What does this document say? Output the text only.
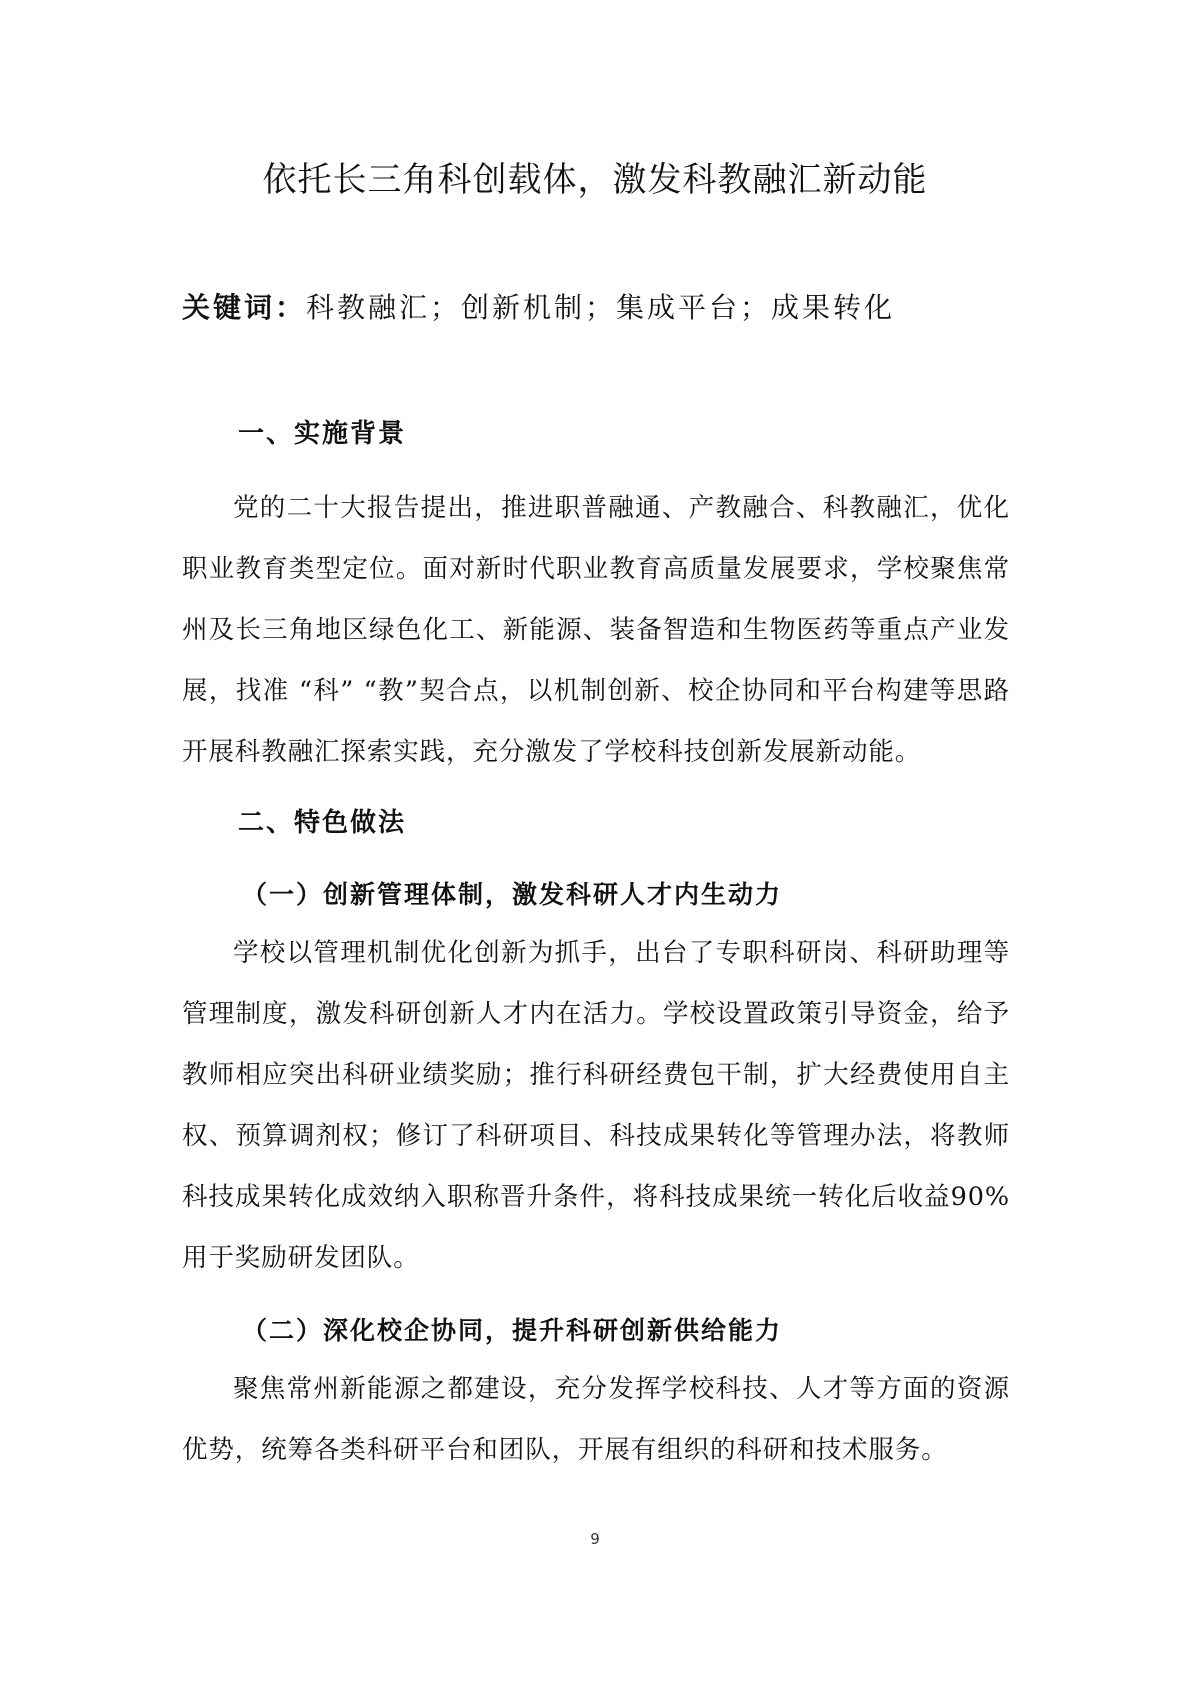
依托长三角科创载体，激发科教融汇新动能
关键词：科教融汇；创新机制；集成平台；成果转化
一、实施背景

党的二十大报告提出，推进职普融通、产教融合、科教融汇，优化职业教育类型定位。面对新时代职业教育高质量发展要求，学校聚焦常州及长三角地区绿色化工、新能源、装备智造和生物医药等重点产业发展，找准 “科” “教”契合点，以机制创新、校企协同和平台构建等思路开展科教融汇探索实践，充分激发了学校科技创新发展新动能。

二、特色做法
（一）创新管理体制，激发科研人才内生动力

学校以管理机制优化创新为抓手，出台了专职科研岗、科研助理等管理制度，激发科研创新人才内在活力。学校设置政策引导资金，给予教师相应突出科研业绩奖励；推行科研经费包干制，扩大经费使用自主权、预算调剂权；修订了科研项目、科技成果转化等管理办法，将教师科技成果转化成效纳入职称晋升条件，将科技成果统一转化后收益90%用于奖励研发团队。

（二）深化校企协同，提升科研创新供给能力

聚焦常州新能源之都建设，充分发挥学校科技、人才等方面的资源优势，统筹各类科研平台和团队，开展有组织的科研和技术服务。

9
